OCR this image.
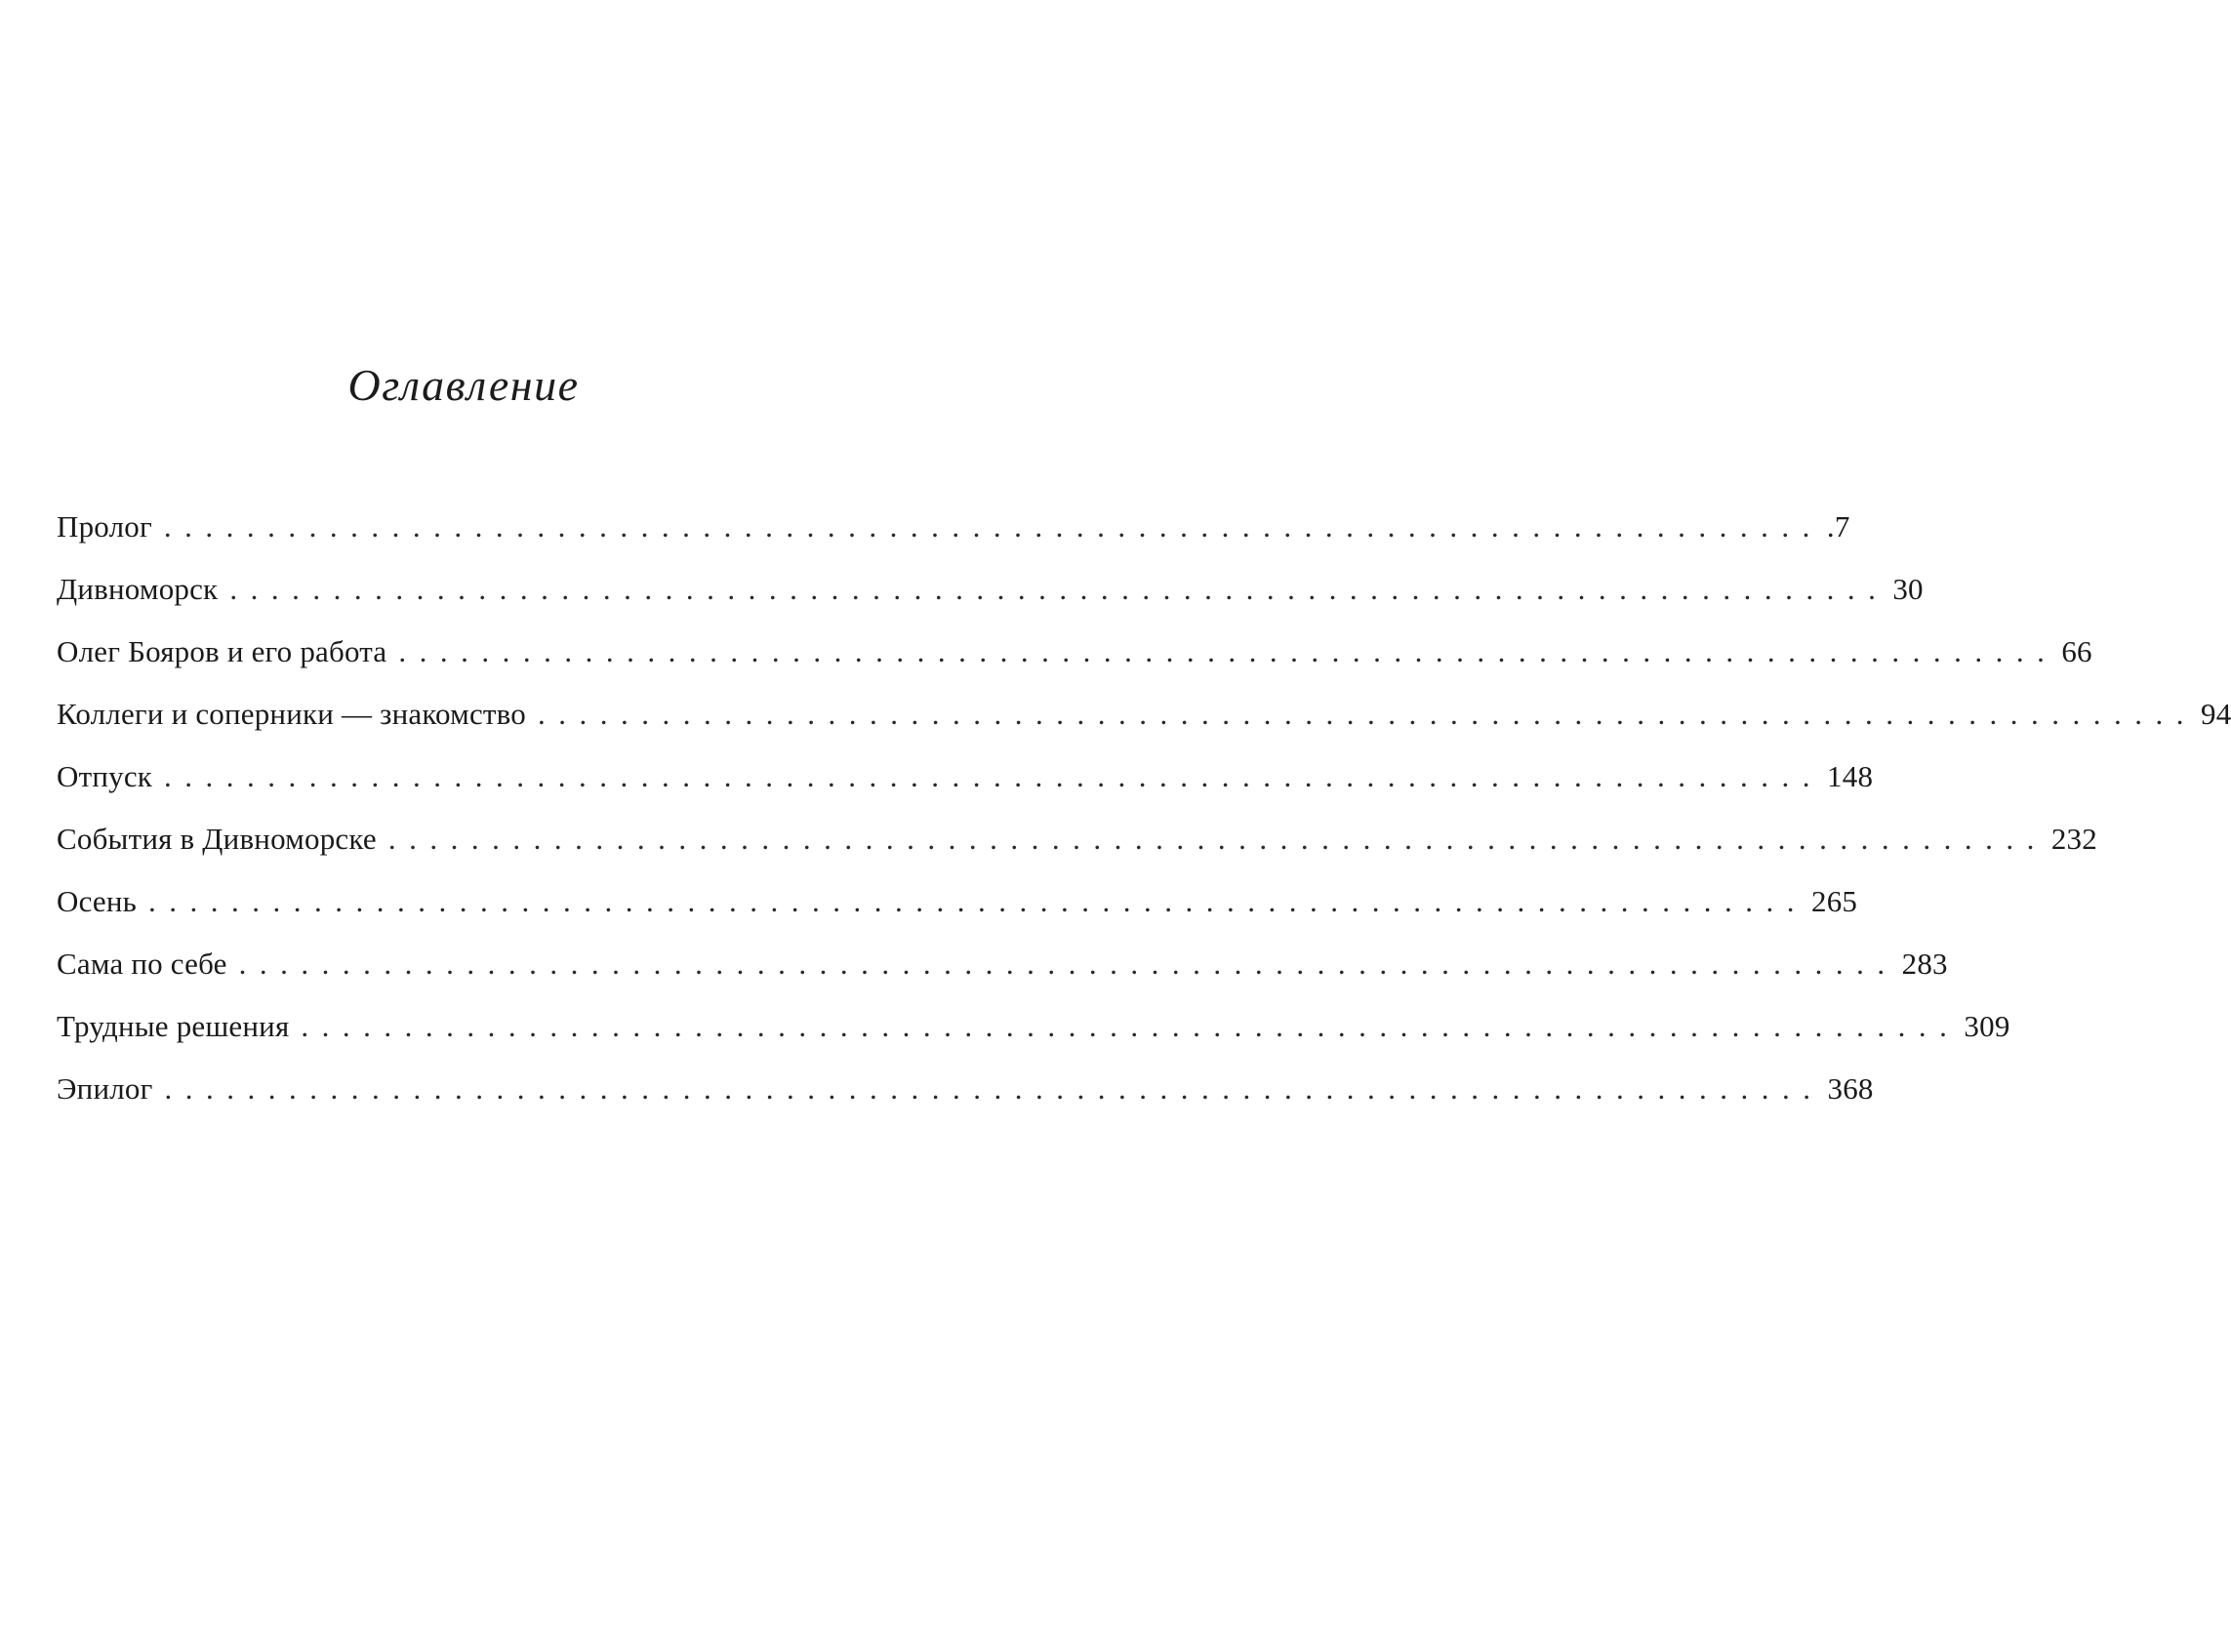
Оглавление
Пролог ................................................................................ .7
Дивноморск ................................................................................ 30
Олег Бояров и его работа ................................................................................ 66
Коллеги и соперники — знакомство ................................................................................ 94
Отпуск ................................................................................ 148
События в Дивноморске ................................................................................ 232
Осень ................................................................................ 265
Сама по себе ................................................................................ 283
Трудные решения ................................................................................ 309
Эпилог ................................................................................ 368
